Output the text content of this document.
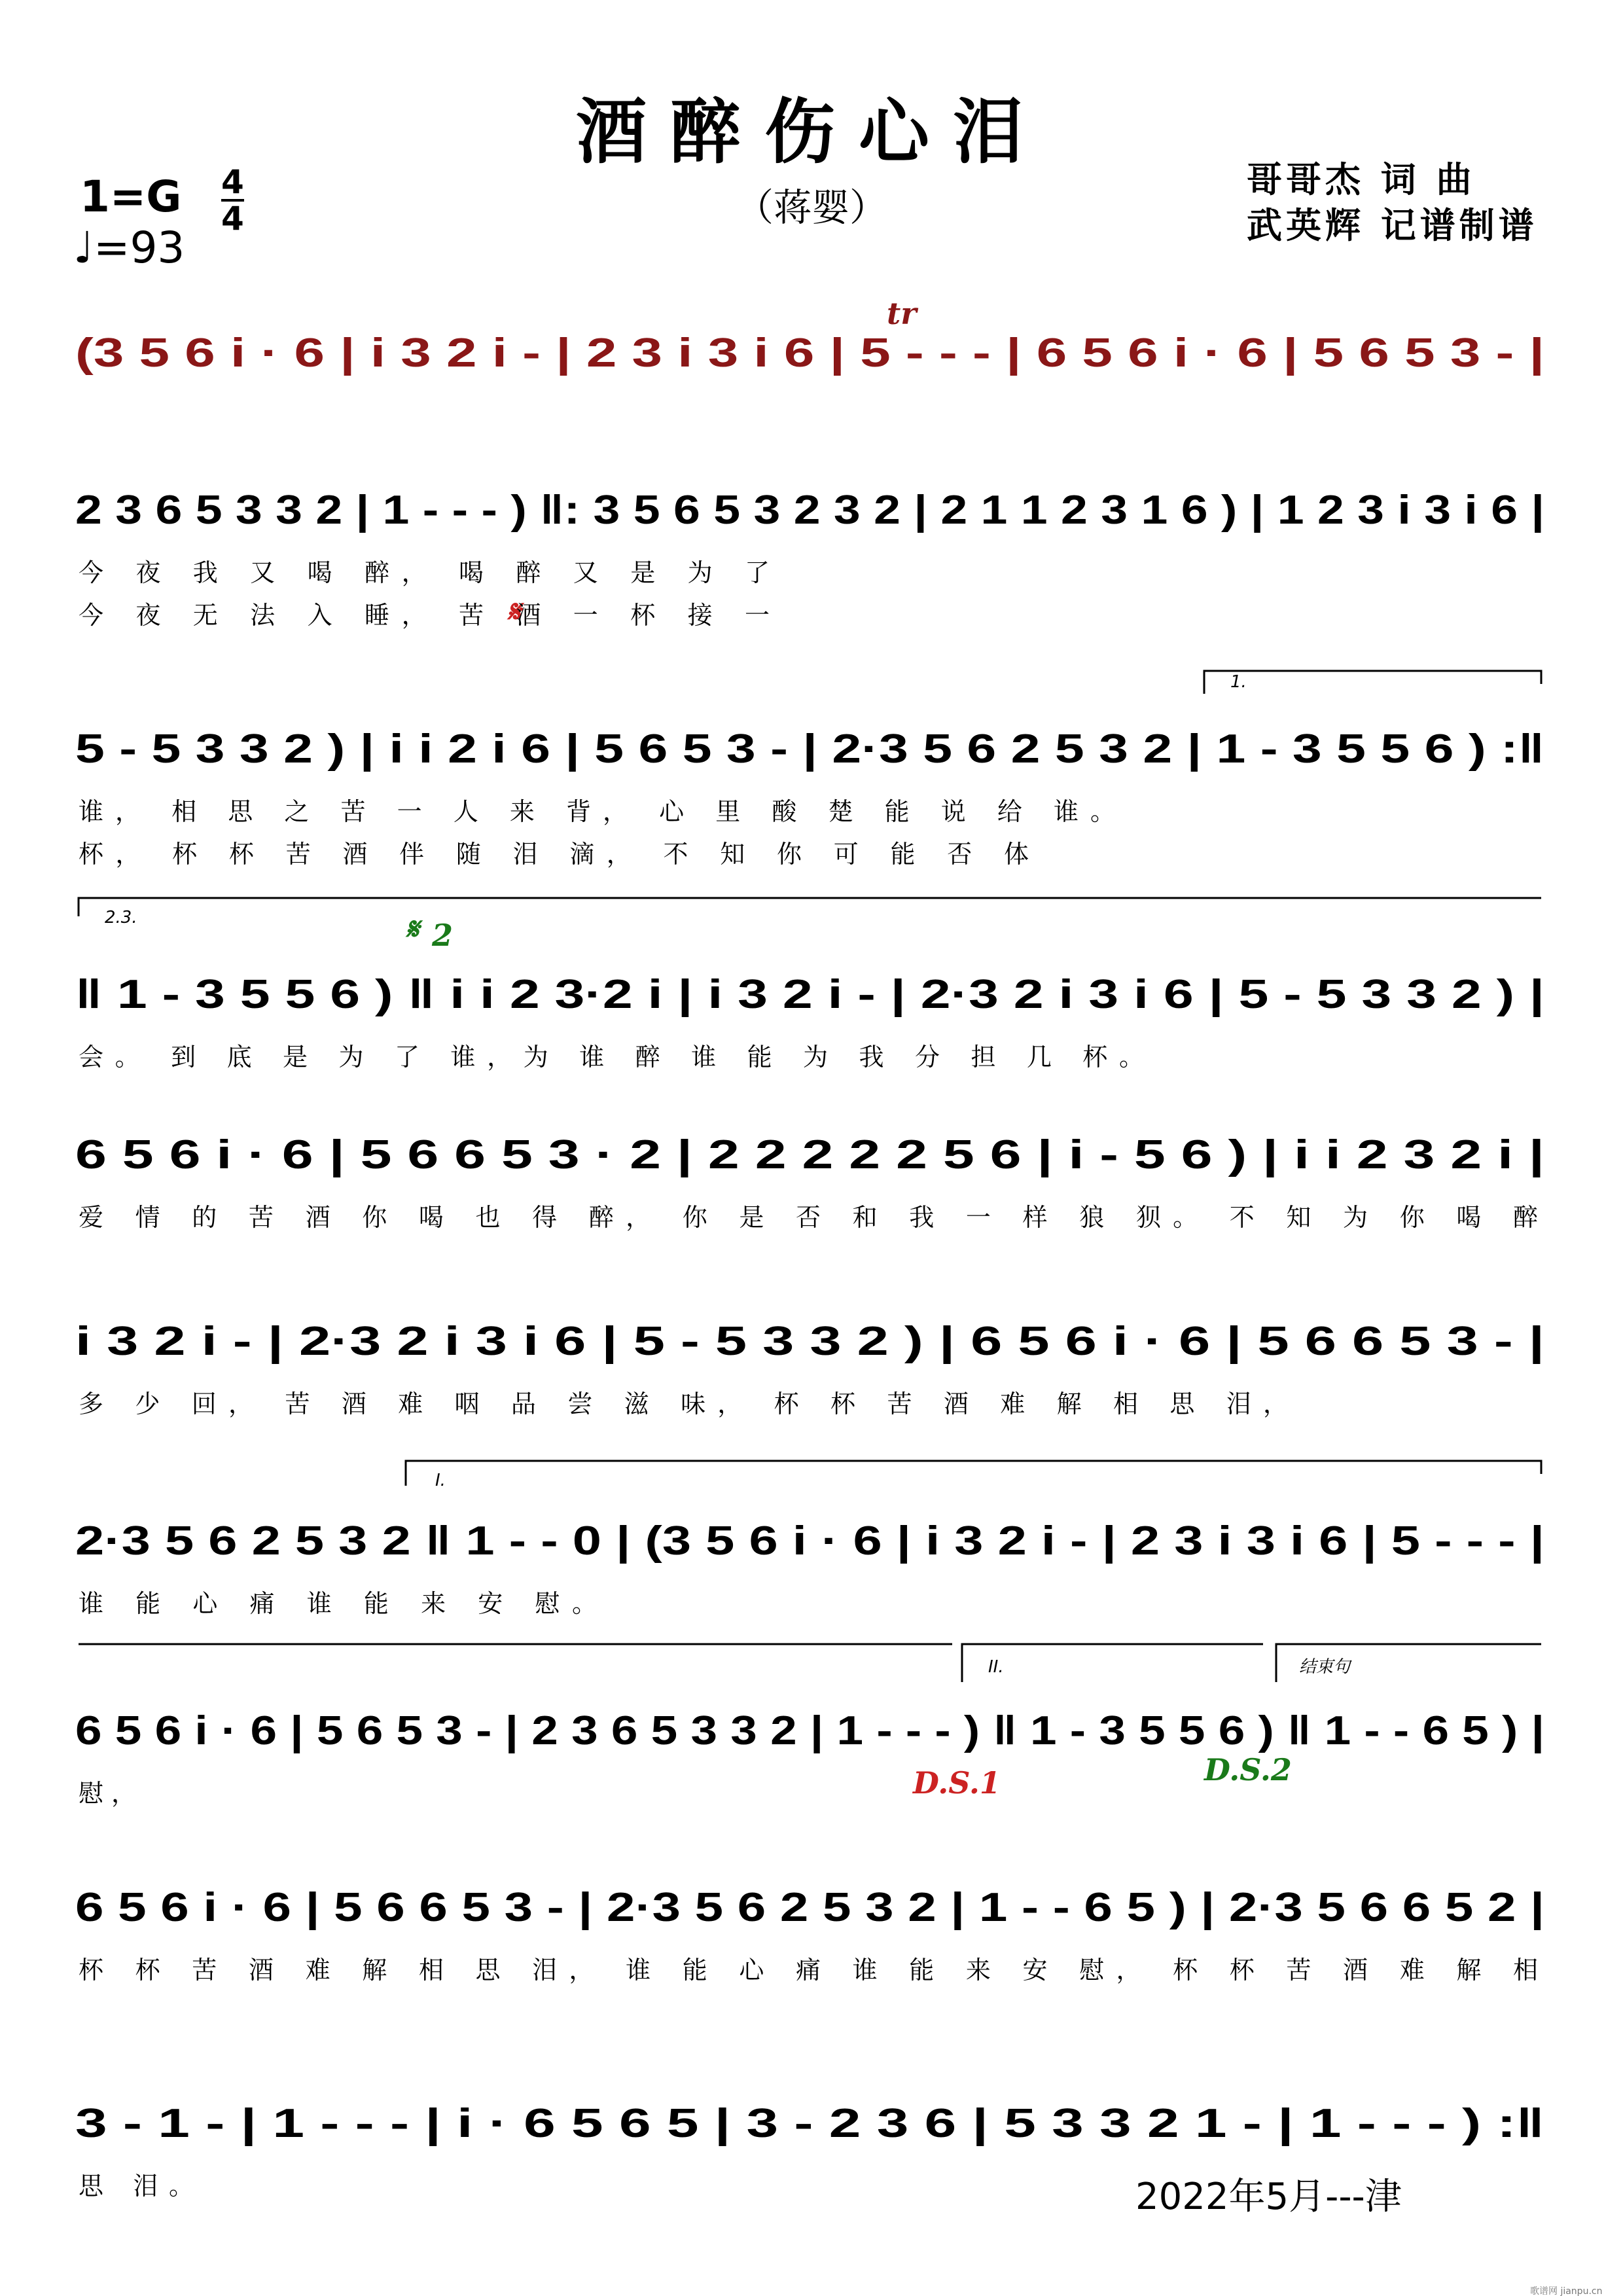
酒醉伤心泪
（蒋婴）
哥哥杰 词 曲
武英辉 记谱制谱
1=G 4
4
♩=93
tr
𝄋
𝄋 2
1.
2.3.
I.
II.	结束句
D.S.1	D.S.2
(3 5 6 i · 6 | i 3 2 i - | 2 3 i 3 i 6 | 5 - - - | 6 5 6 i · 6 | 5 6 5 3 - |
2 3 6 5 3 3 2 | 1 - - - ) ‖: 3 5 6 5 3 2 3 2 | 2 1 1 2 3 1 6 ) | 1 2 3 i 3 i 6 |
今 夜 我 又 喝 醉， 喝 醉 又 是 为 了
今 夜 无 法 入 睡， 苦 酒 一 杯 接 一
5 - 5 3 3 2 ) | i i 2 i 6 | 5 6 5 3 - | 2·3 5 6 2 5 3 2 | 1 - 3 5 5 6 ) :‖
谁， 相 思 之 苦 一 人 来 背， 心 里 酸 楚 能 说 给 谁。
杯， 杯 杯 苦 酒 伴 随 泪 滴， 不 知 你 可 能 否 体
‖ 1 - 3 5 5 6 ) ‖ i i 2 3·2 i | i 3 2 i - | 2·3 2 i 3 i 6 | 5 - 5 3 3 2 ) |
会。 到 底 是 为 了 谁，为 谁 醉 谁 能 为 我 分 担 几 杯。
6 5 6 i · 6 | 5 6 6 5 3 · 2 | 2 2 2 2 2 5 6 | i - 5 6 ) | i i 2 3 2 i |
爱 情 的 苦 酒 你 喝 也 得 醉， 你 是 否 和 我 一 样 狼 狈。 不 知 为 你 喝 醉
i 3 2 i - | 2·3 2 i 3 i 6 | 5 - 5 3 3 2 ) | 6 5 6 i · 6 | 5 6 6 5 3 - |
多 少 回， 苦 酒 难 咽 品 尝 滋 味， 杯 杯 苦 酒 难 解 相 思 泪，
2·3 5 6 2 5 3 2 ‖ 1 - - 0 | (3 5 6 i · 6 | i 3 2 i - | 2 3 i 3 i 6 | 5 - - - |
谁 能 心 痛 谁 能 来 安 慰。
6 5 6 i · 6 | 5 6 5 3 - | 2 3 6 5 3 3 2 | 1 - - - ) ‖ 1 - 3 5 5 6 ) ‖ 1 - - 6 5 ) |
慰，
6 5 6 i · 6 | 5 6 6 5 3 - | 2·3 5 6 2 5 3 2 | 1 - - 6 5 ) | 2·3 5 6 6 5 2 |
杯 杯 苦 酒 难 解 相 思 泪， 谁 能 心 痛 谁 能 来 安 慰， 杯 杯 苦 酒 难 解 相
3 - 1 - | 1 - - - | i · 6 5 6 5 | 3 - 2 3 6 | 5 3 3 2 1 - | 1 - - - ) :‖
思 泪。	2022年5月---津
歌谱网 jianpu.cn
